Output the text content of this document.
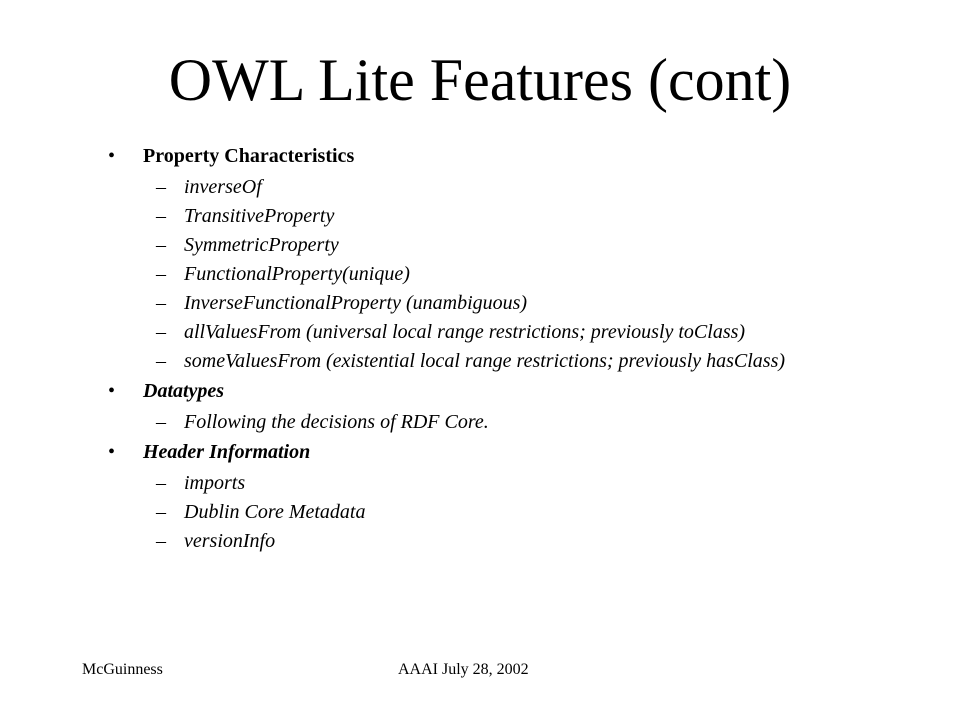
OWL Lite Features (cont)
• Property Characteristics
– inverseOf
– TransitiveProperty
– SymmetricProperty
– FunctionalProperty(unique)
– InverseFunctionalProperty (unambiguous)
– allValuesFrom (universal local range restrictions; previously toClass)
– someValuesFrom (existential local range restrictions; previously hasClass)
• Datatypes
– Following the decisions of RDF Core.
• Header Information
– imports
– Dublin Core Metadata
– versionInfo
McGuinness	AAAI July 28, 2002
